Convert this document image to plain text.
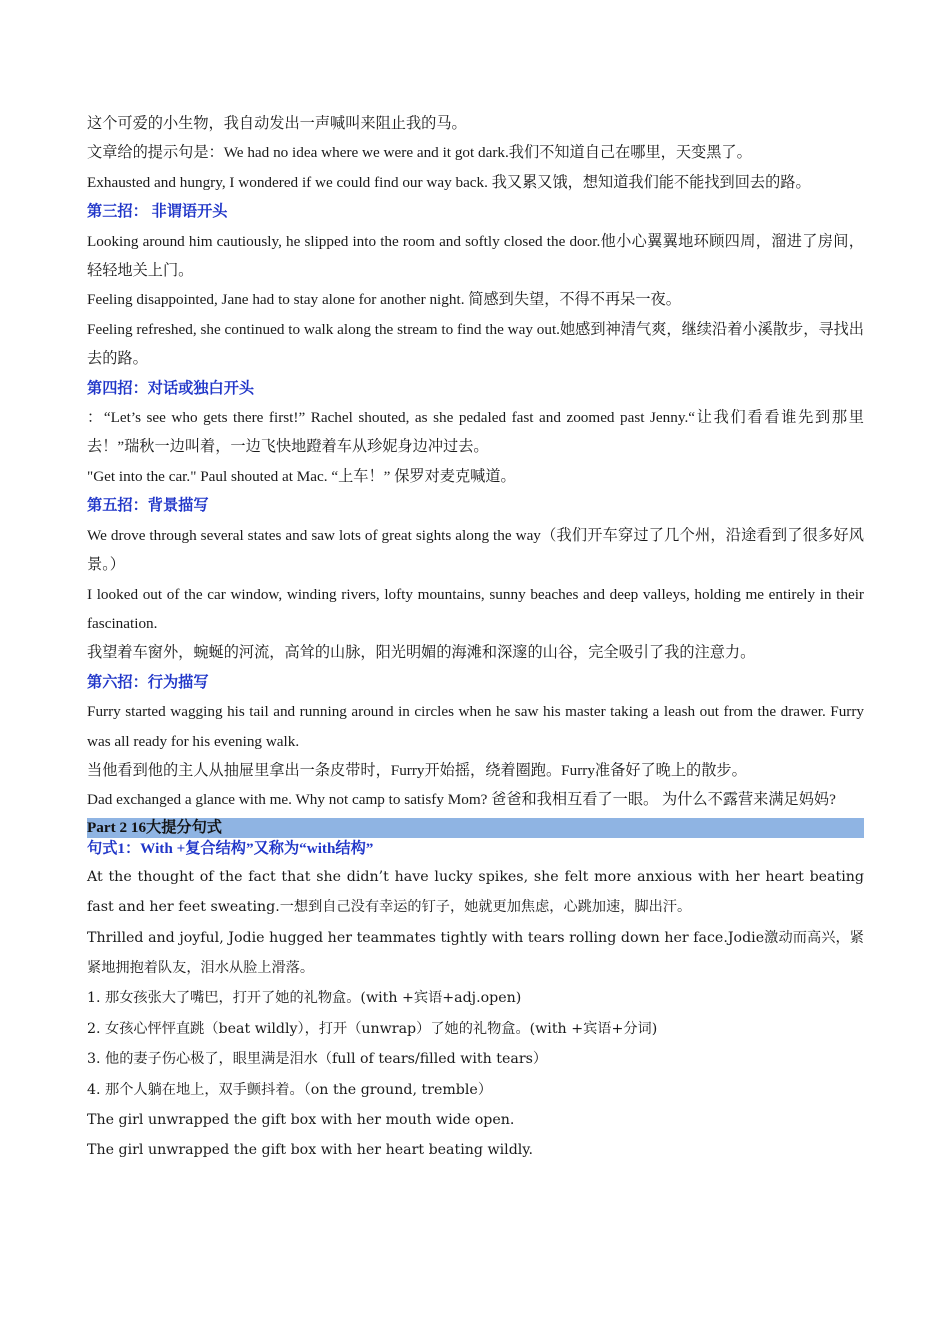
这个可爱的小生物，我自动发出一声喊叫来阻止我的马。

文章给的提示句是：We had no idea where we were and it got dark.我们不知道自己在哪里，天变黑了。

Exhausted and hungry, I wondered if we could find our way back. 我又累又饿，想知道我们能不能找到回去的路。

第三招： 非谓语开头

Looking around him cautiously, he slipped into the room and softly closed the door.他小心翼翼地环顾四周，溜进了房间，轻轻地关上门。

Feeling disappointed, Jane had to stay alone for another night. 简感到失望，不得不再呆一夜。

Feeling refreshed, she continued to walk along the stream to find the way out.她感到神清气爽，继续沿着小溪散步，寻找出去的路。

第四招：对话或独白开头

：“Let’s see who gets there first!” Rachel shouted, as she pedaled fast and zoomed past Jenny.“让我们看看谁先到那里去！”瑞秋一边叫着，一边飞快地蹬着车从珍妮身边冲过去。

"Get into the car." Paul shouted at Mac. “上车！” 保罗对麦克喊道。

第五招：背景描写

We drove through several states and saw lots of great sights along the way（我们开车穿过了几个州，沿途看到了很多好风景。）

I looked out of the car window, winding rivers, lofty mountains, sunny beaches and deep valleys, holding me entirely in their fascination.

我望着车窗外，蜿蜒的河流，高耸的山脉，阳光明媚的海滩和深邃的山谷，完全吸引了我的注意力。

第六招：行为描写

Furry started wagging his tail and running around in circles when he saw his master taking a leash out from the drawer. Furry was all ready for his evening walk.

当他看到他的主人从抽屉里拿出一条皮带时，Furry开始摇，绕着圈跑。Furry准备好了晚上的散步。

Dad exchanged a glance with me. Why not camp to satisfy Mom? 爸爸和我相互看了一眼。 为什么不露营来满足妈妈?

Part 2 16大提分句式

句式1：With +复合结构”又称为“with结构”

At the thought of the fact that she didn’t have lucky spikes, she felt more anxious with her heart beating fast and her feet sweating.一想到自己没有幸运的钉子，她就更加焦虑，心跳加速，脚出汗。

Thrilled and joyful, Jodie hugged her teammates tightly with tears rolling down her face.Jodie激动而高兴，紧紧地拥抱着队友，泪水从脸上滑落。

1. 那女孩张大了嘴巴，打开了她的礼物盒。(with +宾语+adj.open)

2. 女孩心怦怦直跳（beat wildly），打开（unwrap）了她的礼物盒。(with +宾语+分词)

3. 他的妻子伤心极了，眼里满是泪水（full of tears/filled with tears）

4. 那个人躺在地上，双手颤抖着。（on the ground, tremble）

The girl unwrapped the gift box with her mouth wide open.

The girl unwrapped the gift box with her heart beating wildly.
